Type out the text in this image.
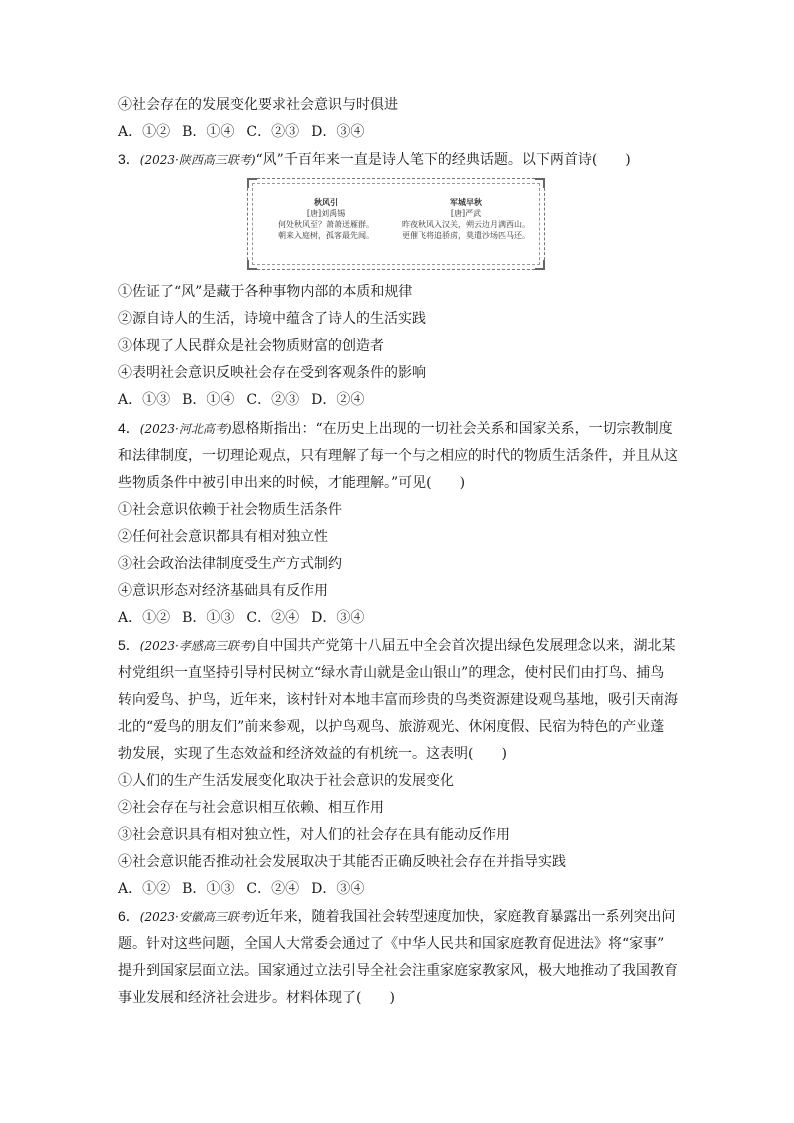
④社会存在的发展变化要求社会意识与时俱进
A．①② B．①④ C．②③ D．③④
3．(2023·陕西高三联考)“风”千百年来一直是诗人笔下的经典话题。以下两首诗(　　)
秋风引
[唐]刘禹锡
何处秋风至？萧萧送雁群。
朝来入庭树，孤客最先闻。
军城早秋
[唐]严武
昨夜秋风入汉关，朔云边月满西山。
更催飞将追骄虏，莫遣沙场匹马还。
①佐证了“风”是藏于各种事物内部的本质和规律
②源自诗人的生活，诗境中蕴含了诗人的生活实践
③体现了人民群众是社会物质财富的创造者
④表明社会意识反映社会存在受到客观条件的影响
A．①③ B．①④ C．②③ D．②④
4．(2023·河北高考)恩格斯指出：“在历史上出现的一切社会关系和国家关系，一切宗教制度
和法律制度，一切理论观点，只有理解了每一个与之相应的时代的物质生活条件，并且从这
些物质条件中被引申出来的时候，才能理解。”可见(　　)
①社会意识依赖于社会物质生活条件
②任何社会意识都具有相对独立性
③社会政治法律制度受生产方式制约
④意识形态对经济基础具有反作用
A．①② B．①③ C．②④ D．③④
5．(2023·孝感高三联考)自中国共产党第十八届五中全会首次提出绿色发展理念以来，湖北某
村党组织一直坚持引导村民树立“绿水青山就是金山银山”的理念，使村民们由打鸟、捕鸟
转向爱鸟、护鸟，近年来，该村针对本地丰富而珍贵的鸟类资源建设观鸟基地，吸引天南海
北的“爱鸟的朋友们”前来参观，以护鸟观鸟、旅游观光、休闲度假、民宿为特色的产业蓬
勃发展，实现了生态效益和经济效益的有机统一。这表明(　　)
①人们的生产生活发展变化取决于社会意识的发展变化
②社会存在与社会意识相互依赖、相互作用
③社会意识具有相对独立性，对人们的社会存在具有能动反作用
④社会意识能否推动社会发展取决于其能否正确反映社会存在并指导实践
A．①② B．①③ C．②④ D．③④
6．(2023·安徽高三联考)近年来，随着我国社会转型速度加快，家庭教育暴露出一系列突出问
题。针对这些问题，全国人大常委会通过了《中华人民共和国家庭教育促进法》将“家事”
提升到国家层面立法。国家通过立法引导全社会注重家庭家教家风，极大地推动了我国教育
事业发展和经济社会进步。材料体现了(　　)
